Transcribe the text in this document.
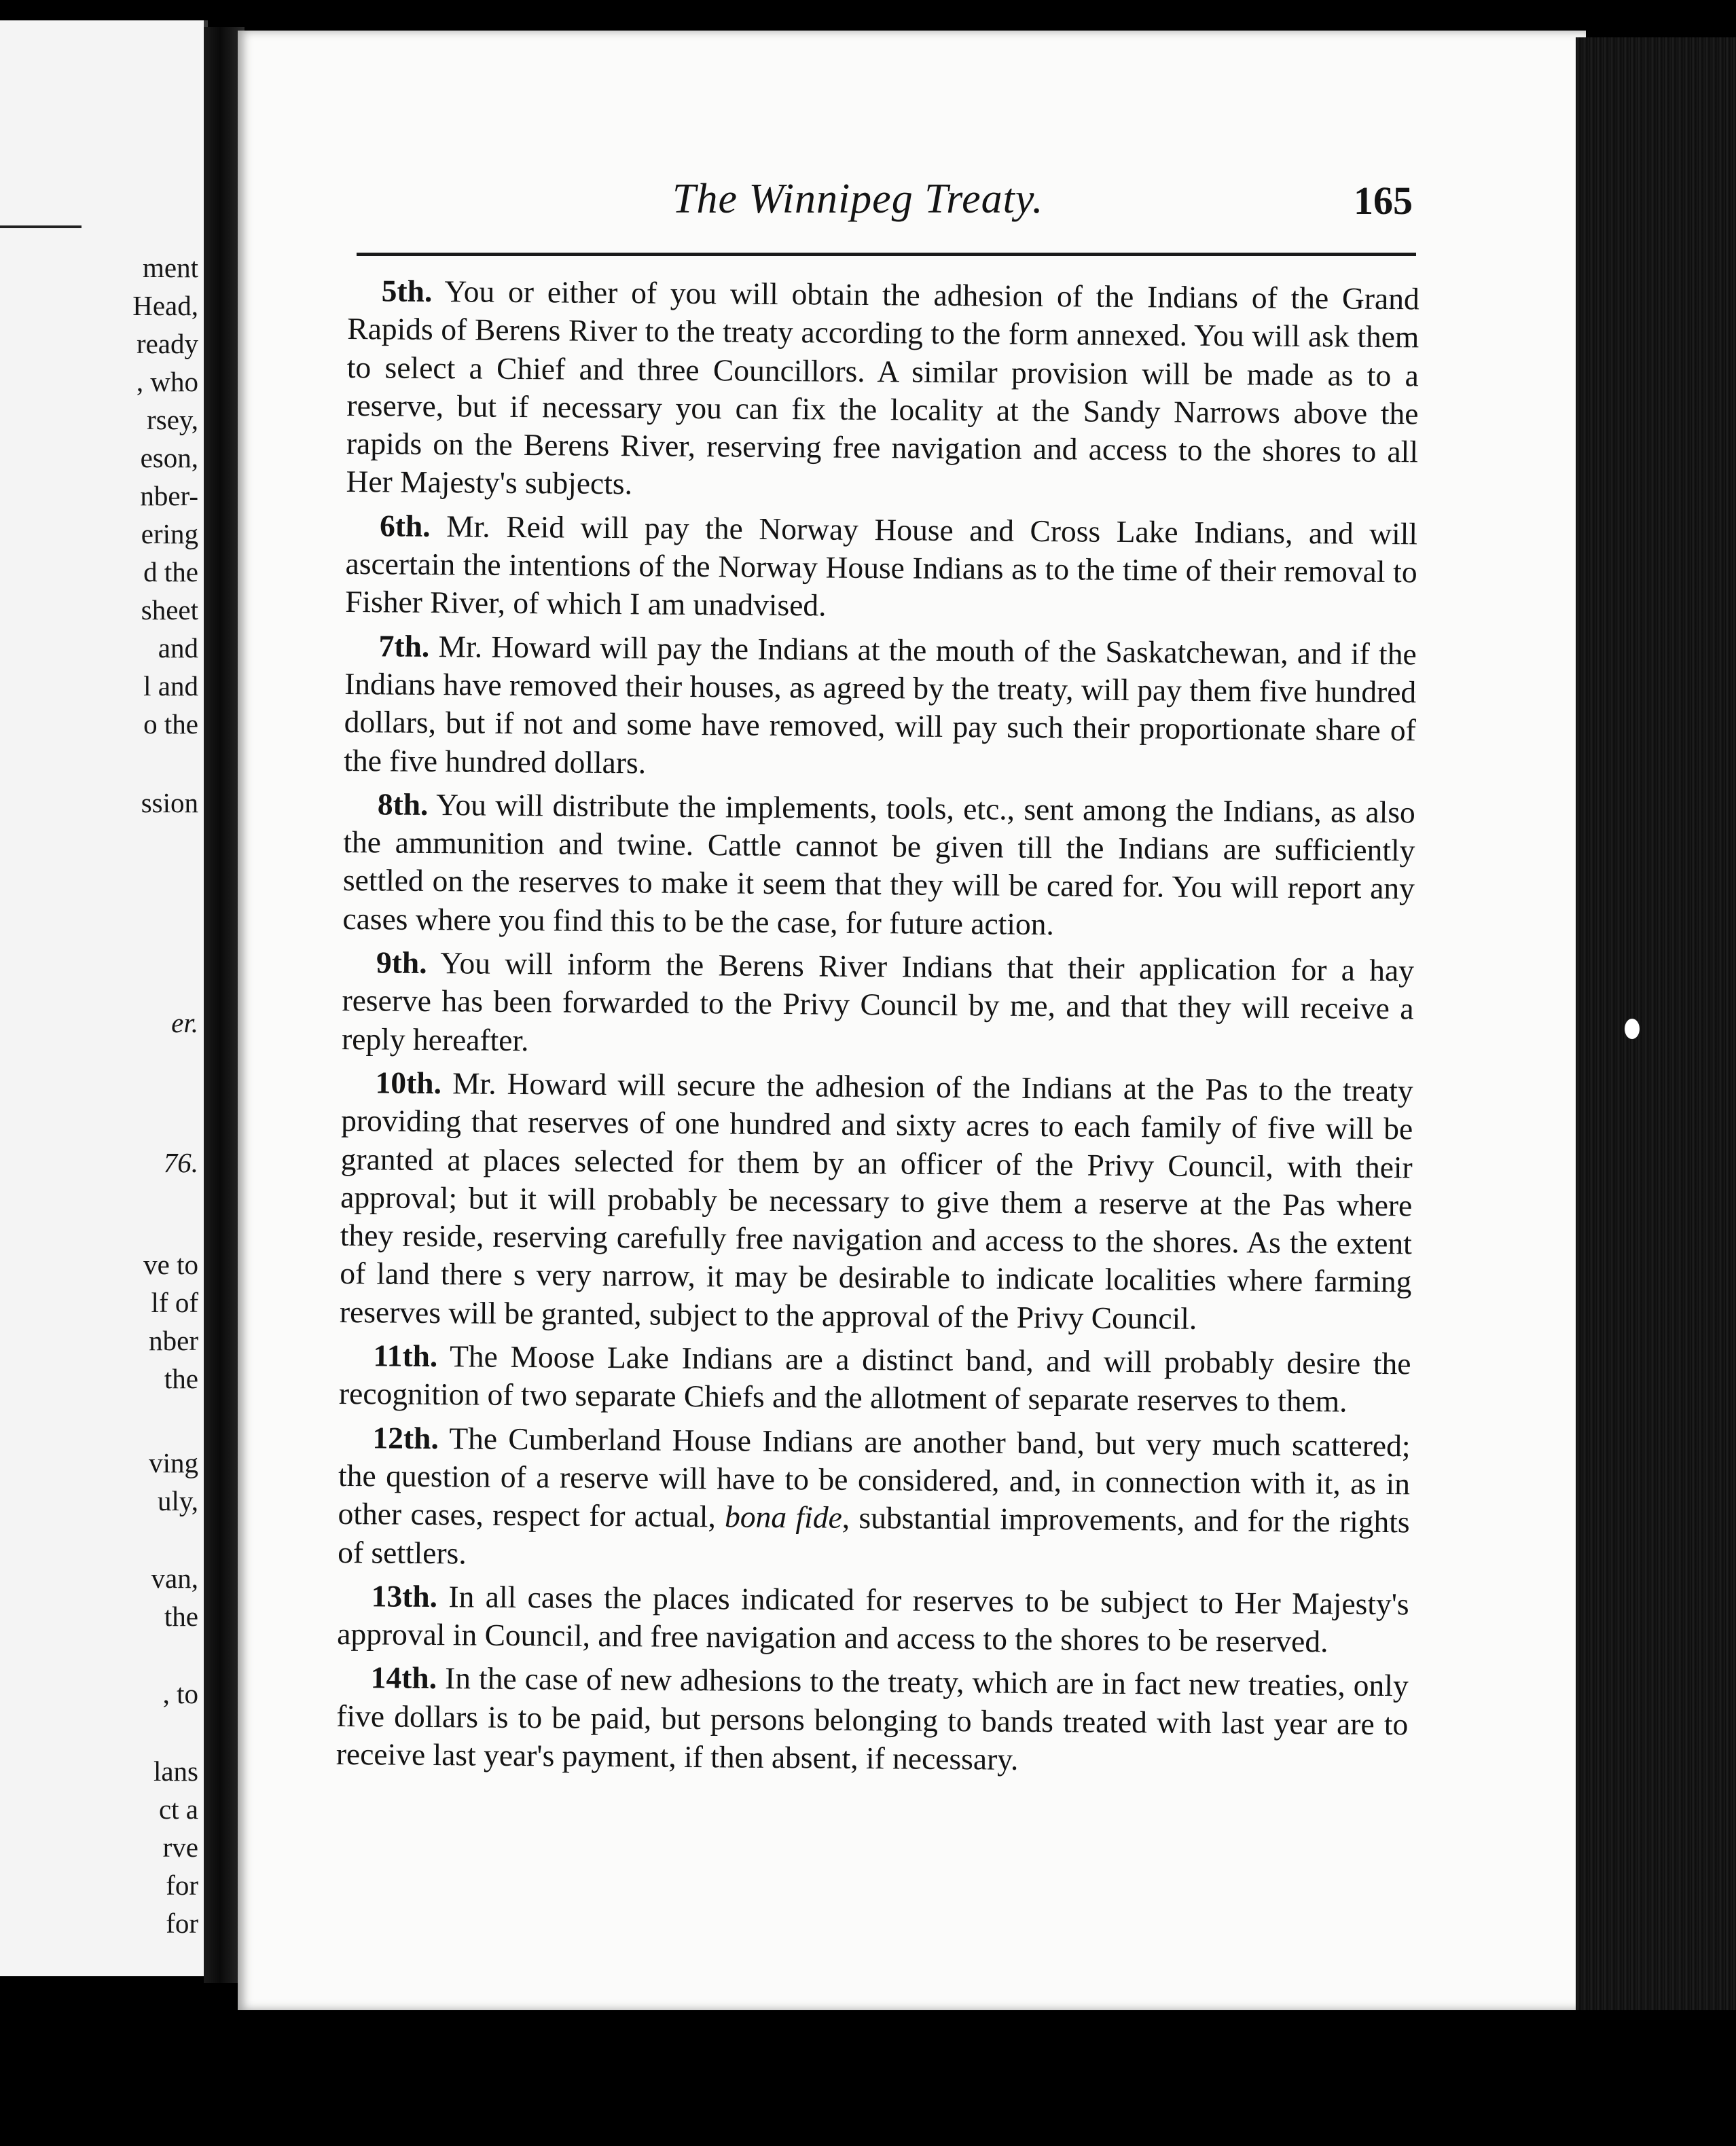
ment
Head,
ready
, who
rsey,
eson,
nber-
ering
d the
sheet
and
l and
o the
ssion
er.
76.
ve to
lf of
nber
the
ving
uly,
van,
the
, to
lans
ct a
rve
for
for
The Winnipeg Treaty.	165

5th. You or either of you will obtain the adhesion of the Indians of the Grand Rapids of Berens River to the treaty according to the form annexed. You will ask them to select a Chief and three Councillors. A similar provision will be made as to a reserve, but if necessary you can fix the locality at the Sandy Narrows above the rapids on the Berens River, reserving free navigation and access to the shores to all Her Majesty's subjects.

6th. Mr. Reid will pay the Norway House and Cross Lake Indians, and will ascertain the intentions of the Norway House Indians as to the time of their removal to Fisher River, of which I am unadvised.

7th. Mr. Howard will pay the Indians at the mouth of the Saskatchewan, and if the Indians have removed their houses, as agreed by the treaty, will pay them five hundred dollars, but if not and some have removed, will pay such their proportionate share of the five hundred dollars.

8th. You will distribute the implements, tools, etc., sent among the Indians, as also the ammunition and twine. Cattle cannot be given till the Indians are sufficiently settled on the reserves to make it seem that they will be cared for. You will report any cases where you find this to be the case, for future action.

9th. You will inform the Berens River Indians that their application for a hay reserve has been forwarded to the Privy Council by me, and that they will receive a reply hereafter.

10th. Mr. Howard will secure the adhesion of the Indians at the Pas to the treaty providing that reserves of one hundred and sixty acres to each family of five will be granted at places selected for them by an officer of the Privy Council, with their approval; but it will probably be necessary to give them a reserve at the Pas where they reside, reserving carefully free navigation and access to the shores. As the extent of land there s very narrow, it may be desirable to indicate localities where farming reserves will be granted, subject to the approval of the Privy Council.

11th. The Moose Lake Indians are a distinct band, and will probably desire the recognition of two separate Chiefs and the allotment of separate reserves to them.

12th. The Cumberland House Indians are another band, but very much scattered; the question of a reserve will have to be considered, and, in connection with it, as in other cases, respect for actual, bona fide, substantial improvements, and for the rights of settlers.

13th. In all cases the places indicated for reserves to be subject to Her Majesty's approval in Council, and free navigation and access to the shores to be reserved.

14th. In the case of new adhesions to the treaty, which are in fact new treaties, only five dollars is to be paid, but persons belonging to bands treated with last year are to receive last year's payment, if then absent, if necessary.
